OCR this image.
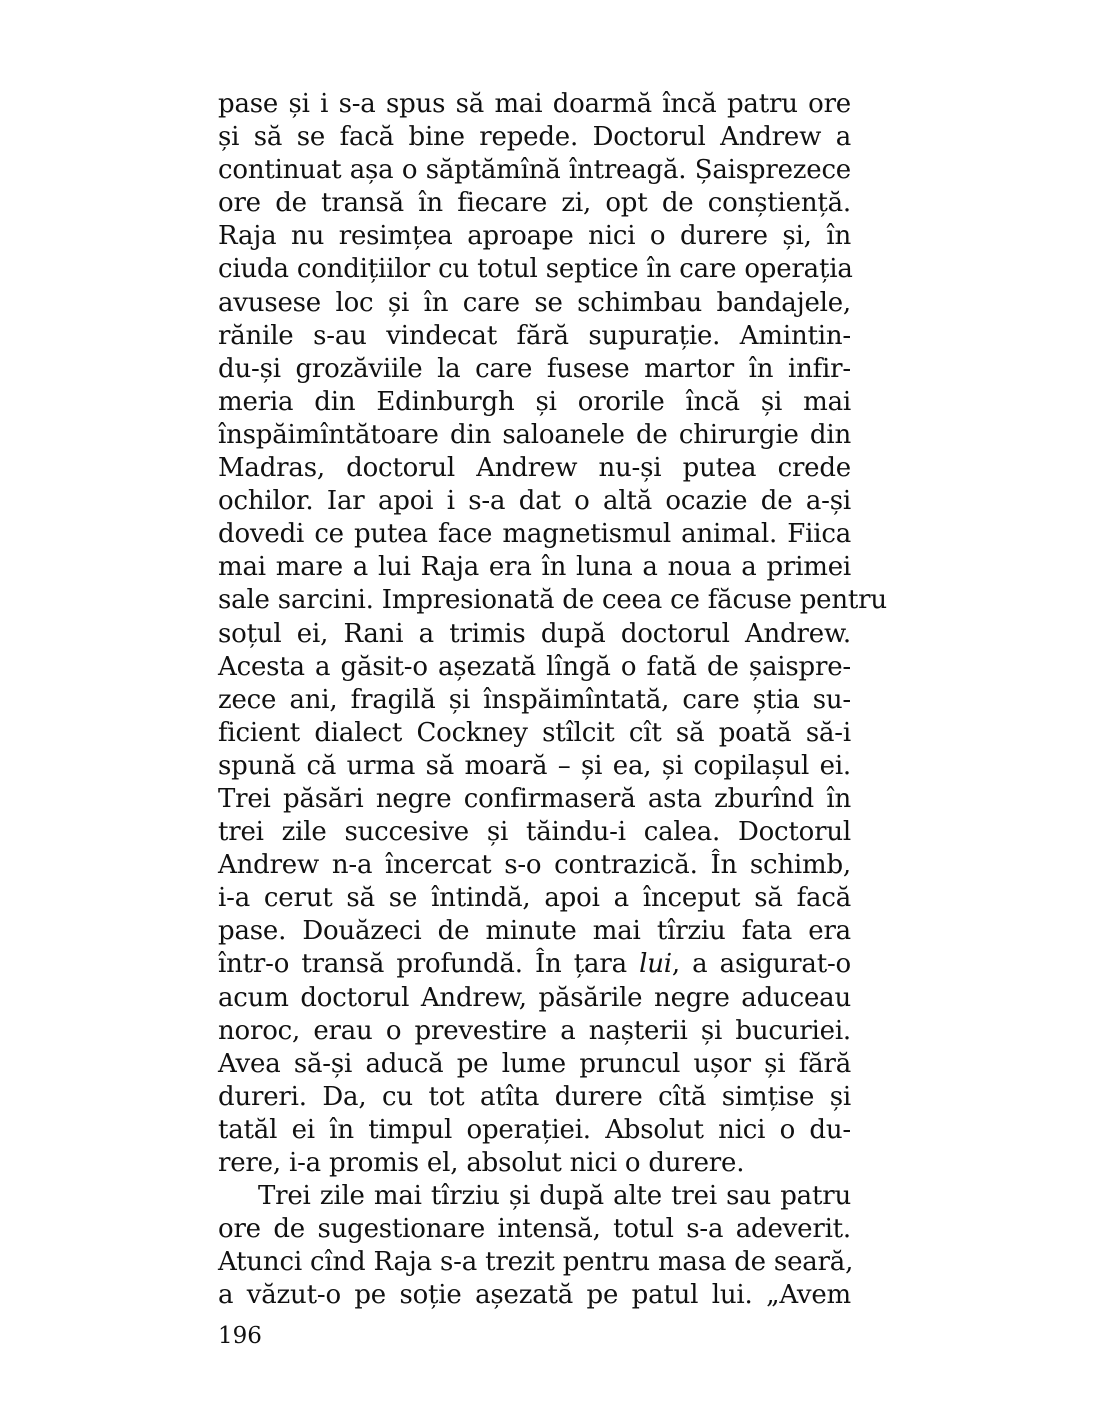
pase și i s-a spus să mai doarmă încă patru ore
și să se facă bine repede. Doctorul Andrew a
continuat așa o săptămînă întreagă. Șaisprezece
ore de transă în fiecare zi, opt de conștiență.
Raja nu resimțea aproape nici o durere și, în
ciuda condițiilor cu totul septice în care operația
avusese loc și în care se schimbau bandajele,
rănile s-au vindecat fără supurație. Amintin-
du-și grozăviile la care fusese martor în infir-
meria din Edinburgh și ororile încă și mai
înspăimîntătoare din saloanele de chirurgie din
Madras, doctorul Andrew nu-și putea crede
ochilor. Iar apoi i s-a dat o altă ocazie de a-și
dovedi ce putea face magnetismul animal. Fiica
mai mare a lui Raja era în luna a noua a primei
sale sarcini. Impresionată de ceea ce făcuse pentru
soțul ei, Rani a trimis după doctorul Andrew.
Acesta a găsit-o așezată lîngă o fată de șaispre-
zece ani, fragilă și înspăimîntată, care știa su-
ficient dialect Cockney stîlcit cît să poată să-i
spună că urma să moară – și ea, și copilașul ei.
Trei păsări negre confirmaseră asta zburînd în
trei zile succesive și tăindu-i calea. Doctorul
Andrew n-a încercat s-o contrazică. În schimb,
i-a cerut să se întindă, apoi a început să facă
pase. Douăzeci de minute mai tîrziu fata era
într-o transă profundă. În țara lui, a asigurat-o
acum doctorul Andrew, păsările negre aduceau
noroc, erau o prevestire a nașterii și bucuriei.
Avea să-și aducă pe lume pruncul ușor și fără
dureri. Da, cu tot atîta durere cîtă simțise și
tatăl ei în timpul operației. Absolut nici o du-
rere, i-a promis el, absolut nici o durere.
Trei zile mai tîrziu și după alte trei sau patru
ore de sugestionare intensă, totul s-a adeverit.
Atunci cînd Raja s-a trezit pentru masa de seară,
a văzut-o pe soție așezată pe patul lui. „Avem
196
